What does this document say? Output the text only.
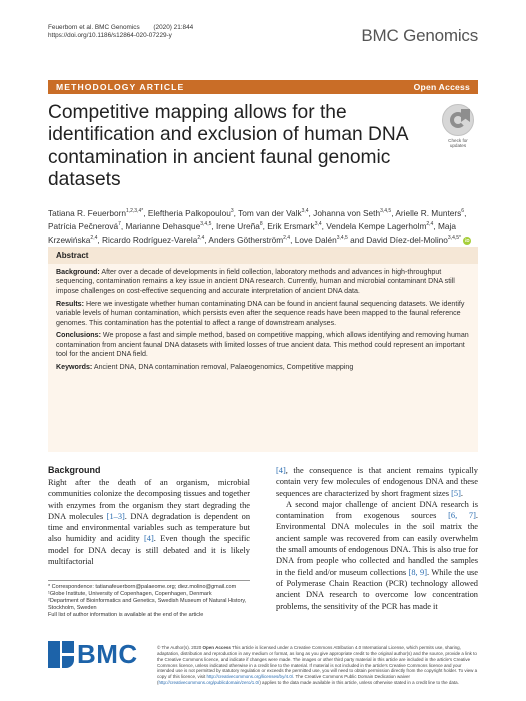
Feuerborn et al. BMC Genomics (2020) 21:844
https://doi.org/10.1186/s12864-020-07229-y	BMC Genomics
METHODOLOGY ARTICLE	Open Access
Competitive mapping allows for the identification and exclusion of human DNA contamination in ancient faunal genomic datasets
Check for
updates
Tatiana R. Feuerborn$^{1,2,3,4*}$, Eleftheria Palkopoulou$^3$, Tom van der Valk$^{3,4}$, Johanna von Seth$^{3,4,5}$, Arielle R. Munters$^6$, Patrícia Pečnerová$^7$, Marianne Dehasque$^{3,4,5}$, Irene Ureña$^8$, Erik Ersmark$^{3,4}$, Vendela Kempe Lagerholm$^{2,4}$, Maja Krzewińska$^{2,4}$, Ricardo Rodríguez-Varela$^{2,4}$, Anders Götherström$^{2,4}$, Love Dalén$^{3,4,5}$ and David Díez-del-Molino$^{3,4,5*}$ iD
Abstract

Background: After over a decade of developments in field collection, laboratory methods and advances in high-throughput sequencing, contamination remains a key issue in ancient DNA research. Currently, human and microbial contaminant DNA still impose challenges on cost-effective sequencing and accurate interpretation of ancient DNA data.

Results: Here we investigate whether human contaminating DNA can be found in ancient faunal sequencing datasets. We identify variable levels of human contamination, which persists even after the sequence reads have been mapped to the faunal reference genomes. This contamination has the potential to affect a range of downstream analyses.

Conclusions: We propose a fast and simple method, based on competitive mapping, which allows identifying and removing human contamination from ancient faunal DNA datasets with limited losses of true ancient data. This method could represent an important tool for the ancient DNA field.

Keywords: Ancient DNA, DNA contamination removal, Palaeogenomics, Competitive mapping

Background

Right after the death of an organism, microbial communities colonize the decomposing tissues and together with enzymes from the organism they start degrading the DNA molecules [1–3]. DNA degradation is dependent on time and environmental variables such as temperature but also humidity and acidity [4]. Even though the specific model for DNA decay is still debated and it is likely multifactorial

* Correspondence: tatianafeuerborn@palaeome.org; diez.molino@gmail.com
¹Globe Institute, University of Copenhagen, Copenhagen, Denmark
²Department of Bioinformatics and Genetics, Swedish Museum of Natural History, Stockholm, Sweden
Full list of author information is available at the end of the article

[4], the consequence is that ancient remains typically contain very few molecules of endogenous DNA and these sequences are characterized by short fragment sizes [5].

A second major challenge of ancient DNA research is contamination from exogenous sources [6, 7]. Environmental DNA molecules in the soil matrix the ancient sample was recovered from can easily overwhelm the small amounts of endogenous DNA. This is also true for DNA from people who collected and handled the samples in the field and/or museum collections [8, 9]. While the use of Polymerase Chain Reaction (PCR) technology allowed ancient DNA research to overcome low concentration problems, the sensitivity of the PCR has made it

BMC	© The Author(s). 2020 Open Access This article is licensed under a Creative Commons Attribution 4.0 International License, which permits use, sharing, adaptation, distribution and reproduction in any medium or format, as long as you give appropriate credit to the original author(s) and the source, provide a link to the Creative Commons licence, and indicate if changes were made. The images or other third party material in this article are included in the article's Creative Commons licence, unless indicated otherwise in a credit line to the material. If material is not included in the article's Creative Commons licence and your intended use is not permitted by statutory regulation or exceeds the permitted use, you will need to obtain permission directly from the copyright holder. To view a copy of this licence, visit http://creativecommons.org/licenses/by/4.0/. The Creative Commons Public Domain Dedication waiver (http://creativecommons.org/publicdomain/zero/1.0/) applies to the data made available in this article, unless otherwise stated in a credit line to the data.
